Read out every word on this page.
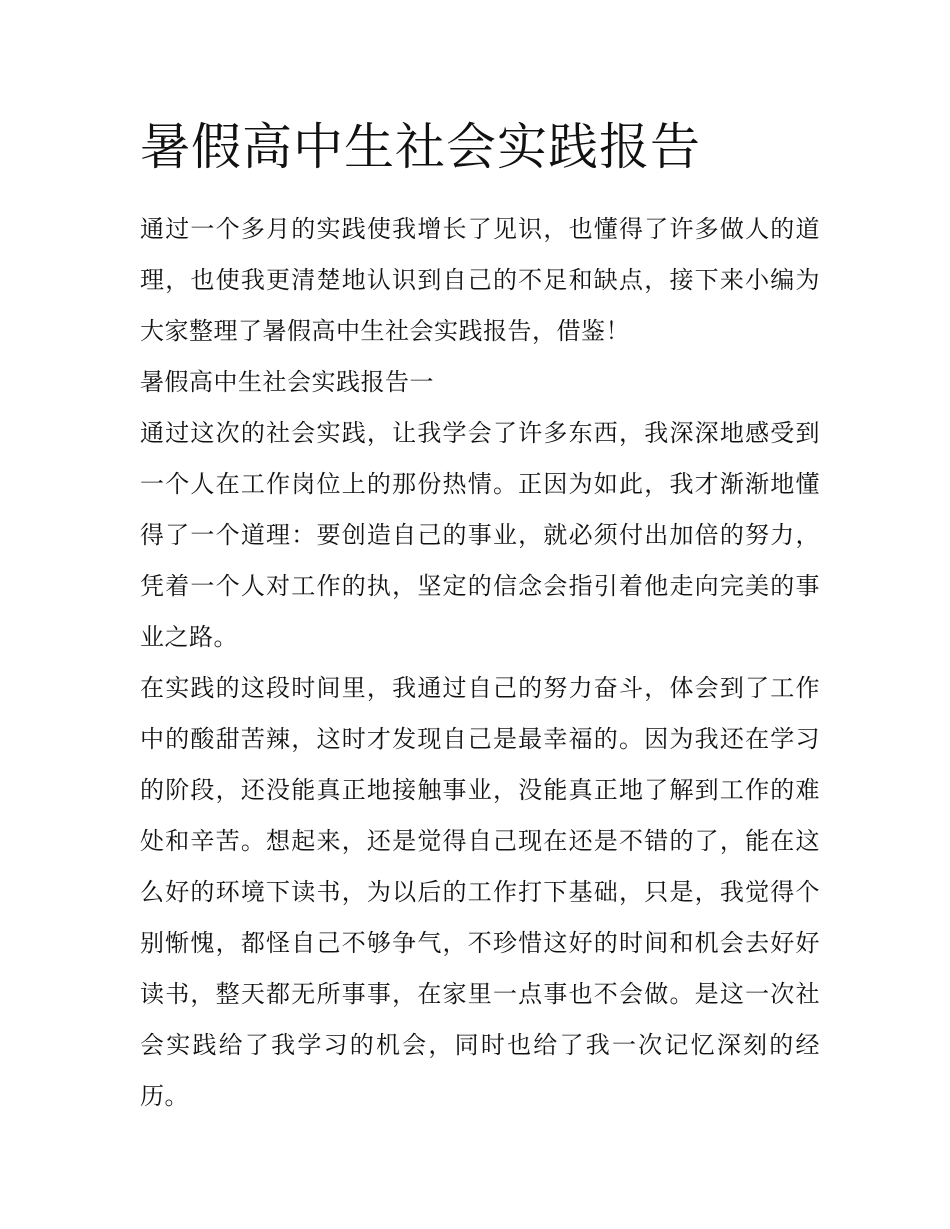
暑假高中生社会实践报告

通过一个多月的实践使我增长了见识，也懂得了许多做人的道理，也使我更清楚地认识到自己的不足和缺点，接下来小编为大家整理了暑假高中生社会实践报告，借鉴！

暑假高中生社会实践报告一

通过这次的社会实践，让我学会了许多东西，我深深地感受到一个人在工作岗位上的那份热情。正因为如此，我才渐渐地懂得了一个道理：要创造自己的事业，就必须付出加倍的努力，凭着一个人对工作的执，坚定的信念会指引着他走向完美的事业之路。

在实践的这段时间里，我通过自己的努力奋斗，体会到了工作中的酸甜苦辣，这时才发现自己是最幸福的。因为我还在学习的阶段，还没能真正地接触事业，没能真正地了解到工作的难处和辛苦。想起来，还是觉得自己现在还是不错的了，能在这么好的环境下读书，为以后的工作打下基础，只是，我觉得个别惭愧，都怪自己不够争气，不珍惜这好的时间和机会去好好读书，整天都无所事事，在家里一点事也不会做。是这一次社会实践给了我学习的机会，同时也给了我一次记忆深刻的经历。
